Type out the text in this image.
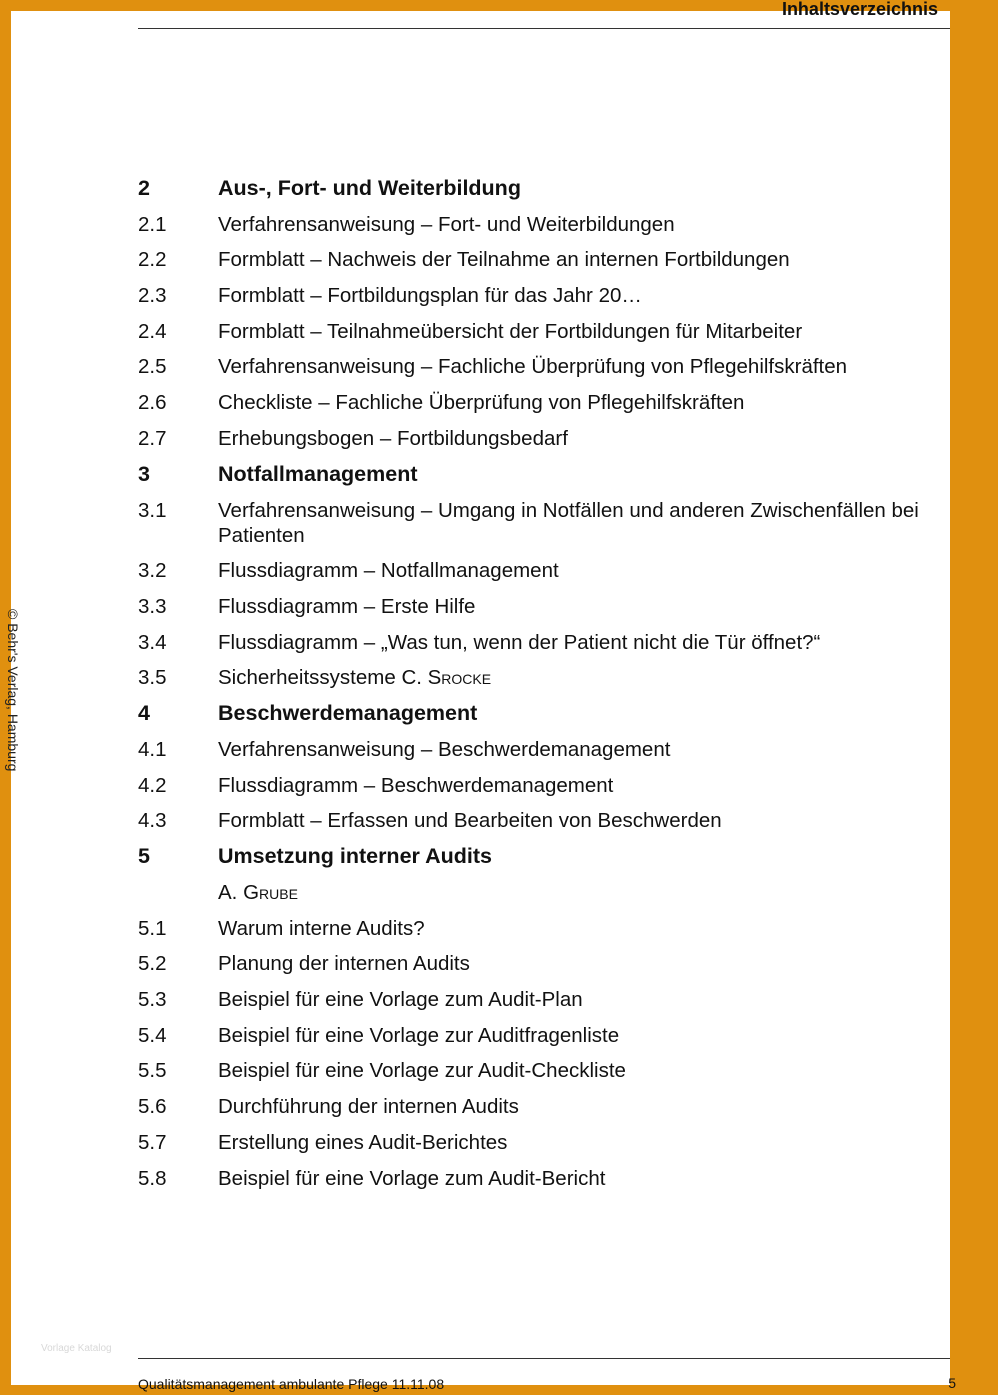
Inhaltsverzeichnis
© Behr's Verlag, Hamburg
2	Aus-, Fort- und Weiterbildung
2.1	Verfahrensanweisung – Fort- und Weiterbildungen
2.2	Formblatt – Nachweis der Teilnahme an internen Fortbildungen
2.3	Formblatt – Fortbildungsplan für das Jahr 20…
2.4	Formblatt – Teilnahmeübersicht der Fortbildungen für Mitarbeiter
2.5	Verfahrensanweisung – Fachliche Überprüfung von Pflegehilfskräften
2.6	Checkliste – Fachliche Überprüfung von Pflegehilfskräften
2.7	Erhebungsbogen – Fortbildungsbedarf
3	Notfallmanagement
3.1	Verfahrensanweisung – Umgang in Notfällen und anderen Zwischenfällen bei Patienten
3.2	Flussdiagramm – Notfallmanagement
3.3	Flussdiagramm – Erste Hilfe
3.4	Flussdiagramm – „Was tun, wenn der Patient nicht die Tür öffnet?“
3.5	Sicherheitssysteme C. Srocke
4	Beschwerdemanagement
4.1	Verfahrensanweisung – Beschwerdemanagement
4.2	Flussdiagramm – Beschwerdemanagement
4.3	Formblatt – Erfassen und Bearbeiten von Beschwerden
5	Umsetzung interner Audits
A. Grube
5.1	Warum interne Audits?
5.2	Planung der internen Audits
5.3	Beispiel für eine Vorlage zum Audit-Plan
5.4	Beispiel für eine Vorlage zur Auditfragenliste
5.5	Beispiel für eine Vorlage zur Audit-Checkliste
5.6	Durchführung der internen Audits
5.7	Erstellung eines Audit-Berichtes
5.8	Beispiel für eine Vorlage zum Audit-Bericht
Vorlage Katalog
Qualitätsmanagement ambulante Pflege 11.11.08	5
